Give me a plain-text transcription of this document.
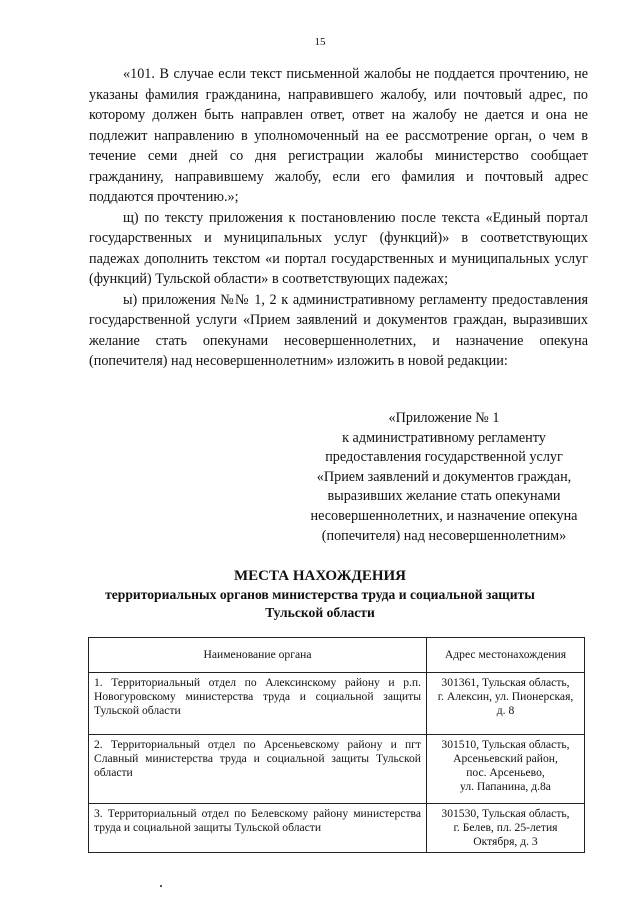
15

«101. В случае если текст письменной жалобы не поддается прочтению, не указаны фамилия гражданина, направившего жалобу, или почтовый адрес, по которому должен быть направлен ответ, ответ на жалобу не дается и она не подлежит направлению в уполномоченный на ее рассмотрение орган, о чем в течение семи дней со дня регистрации жалобы министерство сообщает гражданину, направившему жалобу, если его фамилия и почтовый адрес поддаются прочтению.»;

щ) по тексту приложения к постановлению после текста «Единый портал государственных и муниципальных услуг (функций)» в соответствующих падежах дополнить текстом «и портал государственных и муниципальных услуг (функций) Тульской области» в соответствующих падежах;

ы) приложения №№ 1, 2 к административному регламенту предоставления государственной услуги «Прием заявлений и документов граждан, выразивших желание стать опекунами несовершеннолетних, и назначение опекуна (попечителя) над несовершеннолетним» изложить в новой редакции:

«Приложение № 1
к административному регламенту
предоставления государственной услуг
«Прием заявлений и документов граждан,
выразивших желание стать опекунами
несовершеннолетних, и назначение опекуна
(попечителя) над несовершеннолетним»
МЕСТА НАХОЖДЕНИЯ
территориальных органов министерства труда и социальной защиты
Тульской области
Наименование органа	Адрес местонахождения
1. Территориальный отдел по Алексинскому району и р.п. Новогуровскому министерства труда и социальной защиты Тульской области	301361, Тульская область,
г. Алексин, ул. Пионерская,
д. 8

2. Территориальный отдел по Арсеньевскому району и пгт Славный министерства труда и социальной защиты Тульской области	301510, Тульская область,
Арсеньевский район,
пос. Арсеньево,
ул. Папанина, д.8а

3. Территориальный отдел по Белевскому району министерства труда и социальной защиты Тульской области	301530, Тульская область,
г. Белев, пл. 25-летия
Октября, д. 3
